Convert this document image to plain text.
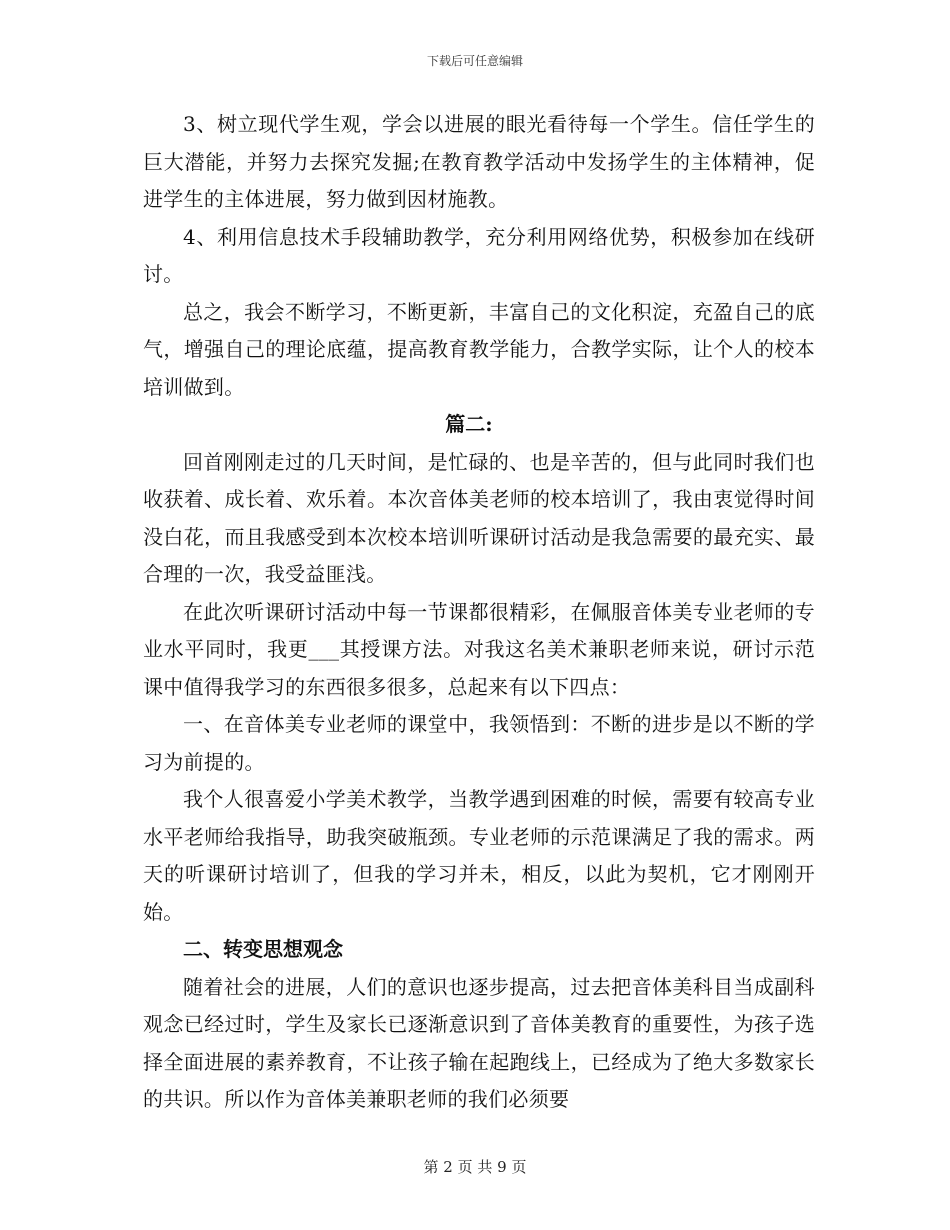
下载后可任意编辑

3、树立现代学生观，学会以进展的眼光看待每一个学生。信任学生的巨大潜能，并努力去探究发掘;在教育教学活动中发扬学生的主体精神，促进学生的主体进展，努力做到因材施教。

4、利用信息技术手段辅助教学，充分利用网络优势，积极参加在线研讨。

总之，我会不断学习，不断更新，丰富自己的文化积淀，充盈自己的底气，增强自己的理论底蕴，提高教育教学能力，合教学实际，让个人的校本培训做到。

篇二:

回首刚刚走过的几天时间，是忙碌的、也是辛苦的，但与此同时我们也收获着、成长着、欢乐着。本次音体美老师的校本培训了，我由衷觉得时间没白花，而且我感受到本次校本培训听课研讨活动是我急需要的最充实、最合理的一次，我受益匪浅。

在此次听课研讨活动中每一节课都很精彩，在佩服音体美专业老师的专业水平同时，我更___其授课方法。对我这名美术兼职老师来说，研讨示范课中值得我学习的东西很多很多，总起来有以下四点：

一、在音体美专业老师的课堂中，我领悟到：不断的进步是以不断的学习为前提的。

我个人很喜爱小学美术教学，当教学遇到困难的时候，需要有较高专业水平老师给我指导，助我突破瓶颈。专业老师的示范课满足了我的需求。两天的听课研讨培训了，但我的学习并未，相反，以此为契机，它才刚刚开始。

二、转变思想观念

随着社会的进展，人们的意识也逐步提高，过去把音体美科目当成副科观念已经过时，学生及家长已逐渐意识到了音体美教育的重要性，为孩子选择全面进展的素养教育，不让孩子输在起跑线上，已经成为了绝大多数家长的共识。所以作为音体美兼职老师的我们必须要

第 2 页 共 9 页
